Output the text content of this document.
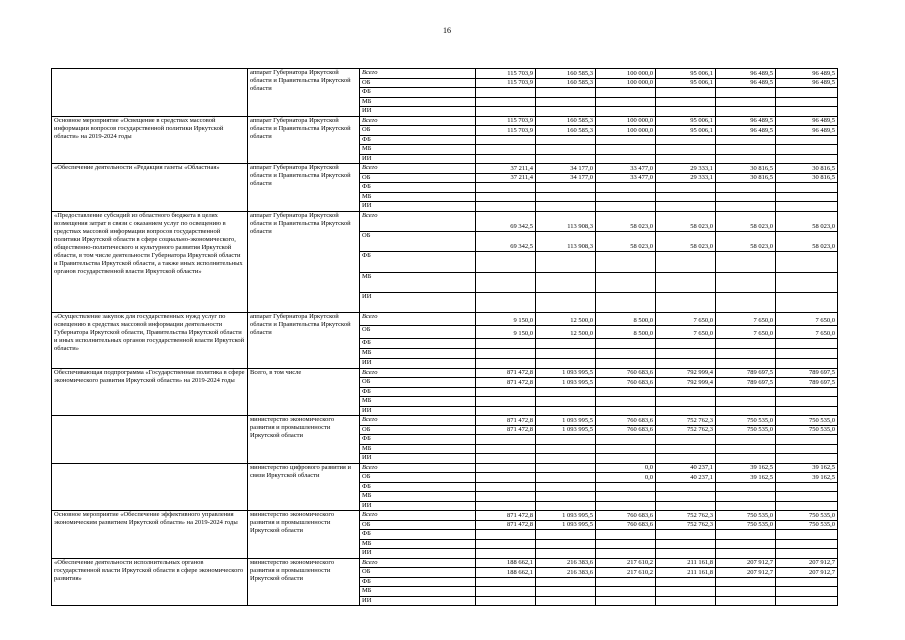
16
	аппарат Губернатора Иркутской области и Правительства Иркутской области	Всего	115 703,9	160 585,3	100 000,0	95 006,1	96 489,5	96 489,5
		ОБ	115 703,9	160 585,3	100 000,0	95 006,1	96 489,5	96 489,5
		ФБ						
		МБ						
		ИИ						
Основное мероприятие «Освещение в средствах массовой информации вопросов государственной политики Иркутской области» на 2019-2024 годы	аппарат Губернатора Иркутской области и Правительства Иркутской области	Всего	115 703,9	160 585,3	100 000,0	95 006,1	96 489,5	96 489,5
		ОБ	115 703,9	160 585,3	100 000,0	95 006,1	96 489,5	96 489,5
		ФБ						
		МБ						
		ИИ						
«Обеспечение деятельности «Редакция газеты «Областная»	аппарат Губернатора Иркутской области и Правительства Иркутской области	Всего	37 211,4	34 177,0	33 477,0	29 333,1	30 816,5	30 816,5
		ОБ	37 211,4	34 177,0	33 477,0	29 333,1	30 816,5	30 816,5
		ФБ						
		МБ						
		ИИ						
«Предоставление субсидий из областного бюджета в целях возмещения затрат в связи с оказанием услуг по освещению в средствах массовой информации вопросов государственной политики Иркутской области в сфере социально-экономического, общественно-политического и культурного развития Иркутской области, в том числе деятельности Губернатора Иркутской области и Правительства Иркутской области, а также иных исполнительных органов государственной власти Иркутской области»	аппарат Губернатора Иркутской области и Правительства Иркутской области	Всего	69 342,5	113 908,3	58 023,0	58 023,0	58 023,0	58 023,0
		ОБ	69 342,5	113 908,3	58 023,0	58 023,0	58 023,0	58 023,0
		ФБ						
		МБ						
		ИИ						
«Осуществление закупок для государственных нужд услуг по освещению в средствах массовой информации деятельности Губернатора Иркутской области, Правительства Иркутской области и иных исполнительных органов государственной власти Иркутской области»	аппарат Губернатора Иркутской области и Правительства Иркутской области	Всего	9 150,0	12 500,0	8 500,0	7 650,0	7 650,0	7 650,0
		ОБ	9 150,0	12 500,0	8 500,0	7 650,0	7 650,0	7 650,0
		ФБ						
		МБ						
		ИИ						
Обеспечивающая подпрограмма «Государственная политика в сфере экономического развития Иркутской области» на 2019-2024 годы	Всего, в том числе	Всего	871 472,8	1 093 995,5	760 683,6	792 999,4	789 697,5	789 697,5
		ОБ	871 472,8	1 093 995,5	760 683,6	792 999,4	789 697,5	789 697,5
		ФБ						
		МБ						
		ИИ						
	министерство экономического развития и промышленности Иркутской области	Всего	871 472,8	1 093 995,5	760 683,6	752 762,3	750 535,0	750 535,0
		ОБ	871 472,8	1 093 995,5	760 683,6	752 762,3	750 535,0	750 535,0
		ФБ						
		МБ						
		ИИ						
	министерство цифрового развития и связи Иркутской области	Всего			0,0	40 237,1	39 162,5	39 162,5
		ОБ			0,0	40 237,1	39 162,5	39 162,5
		ФБ						
		МБ						
		ИИ						
Основное мероприятие «Обеспечение эффективного управления экономическим развитием Иркутской области» на 2019-2024 годы	министерство экономического развития и промышленности Иркутской области	Всего	871 472,8	1 093 995,5	760 683,6	752 762,3	750 535,0	750 535,0
		ОБ	871 472,8	1 093 995,5	760 683,6	752 762,3	750 535,0	750 535,0
		ФБ						
		МБ						
		ИИ						
«Обеспечение деятельности исполнительных органов государственной власти Иркутской области в сфере экономического развития»	министерство экономического развития и промышленности Иркутской области	Всего	188 662,1	216 383,6	217 610,2	211 161,8	207 912,7	207 912,7
		ОБ	188 662,1	216 383,6	217 610,2	211 161,8	207 912,7	207 912,7
		ФБ						
		МБ						
		ИИ						
